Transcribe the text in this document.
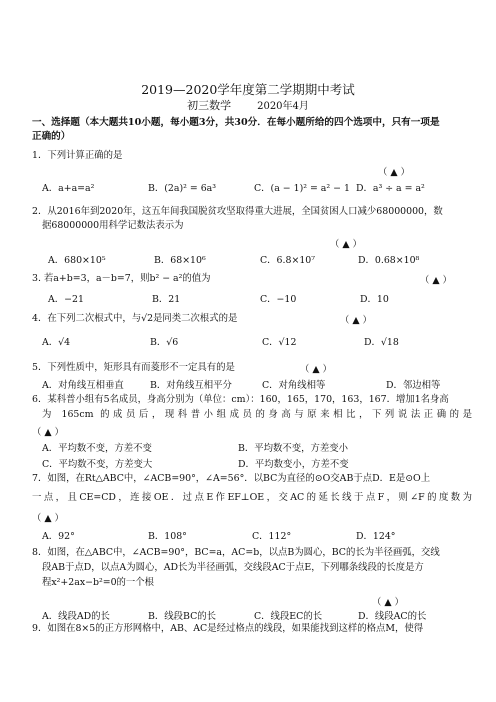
2019—2020学年度第二学期期中考试
初三数学	2020年4月
一、选择题（本大题共10小题，每小题3分，共30分．在每小题所给的四个选项中，只有一项是
正确的）
1．下列计算正确的是
（ ▲ ）
A．a+a=a²	B．(2a)² = 6a³	C．(a − 1)² = a² − 1 D．a³ ÷ a = a²
2．从2016年到2020年，这五年间我国脱贫攻坚取得重大进展，全国贫困人口减少68000000，数
据68000000用科学记数法表示为
（ ▲ ）
A．680×10⁵	B．68×10⁶	C．6.8×10⁷	D．0.68×10⁸
3. 若a+b=3，a－b=7，则b² − a²的值为	（ ▲ ）
A．−21	B．21	C．−10	D．10
4．在下列二次根式中，与√2是同类二次根式的是	（ ▲ ）
A．√4	B．√6	C．√12	D．√18
5．下列性质中，矩形具有而菱形不一定具有的是	（ ▲ ）
A．对角线互相垂直	B．对角线互相平分	C．对角线相等	D．邻边相等
6．某科普小组有5名成员，身高分别为（单位：cm）：160，165，170，163，167．增加1名身高
为 165cm 的成员后，现科普小组成员的身高与原来相比，下列说法正确的是
（ ▲ ）
A．平均数不变，方差不变	B．平均数不变，方差变小
C．平均数不变，方差变大	D．平均数变小，方差不变
7．如图，在Rt△ABC中，∠ACB=90°，∠A=56°．以BC为直径的⊙O交AB于点D．E是⊙O上
一点，且CE=CD，连接OE．过点E作EF⊥OE，交AC的延长线于点F，则∠F的度数为
（ ▲ ）
A．92°	B．108°	C．112°	D．124°
8．如图，在△ABC中，∠ACB=90°，BC=a，AC=b，以点B为圆心，BC的长为半径画弧，交线
段AB于点D，以点A为圆心，AD长为半径画弧，交线段AC于点E，下列哪条线段的长度是方
程x²+2ax−b²=0的一个根
（ ▲ ）
A．线段AD的长	B．线段BC的长	C．线段EC的长	D．线段AC的长
9．如图在8×5的正方形网格中，AB、AC是经过格点的线段，如果能找到这样的格点M，使得
